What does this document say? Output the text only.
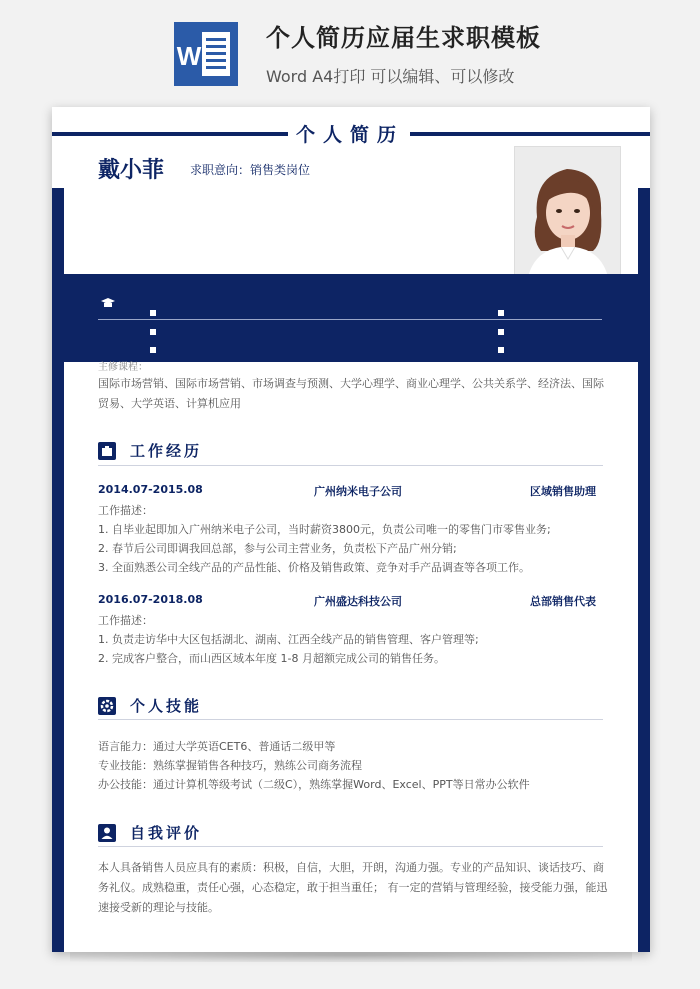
W
个人简历应届生求职模板
Word A4打印 可以编辑、可以修改
个人简历
戴小菲 求职意向：销售类岗位
主修课程：
国际市场营销、国际市场营销、市场调查与预测、大学心理学、商业心理学、公共关系学、经济法、国际贸易、大学英语、计算机应用
工作经历
2014.07-2015.08	广州纳米电子公司	区域销售助理
工作描述：
1. 自毕业起即加入广州纳米电子公司，当时薪资3800元，负责公司唯一的零售门市零售业务;
2. 春节后公司即调我回总部，参与公司主营业务，负责松下产品广州分销;
3. 全面熟悉公司全线产品的产品性能、价格及销售政策、竞争对手产品调查等各项工作。
2016.07-2018.08	广州盛达科技公司	总部销售代表
工作描述：
1. 负责走访华中大区包括湖北、湖南、江西全线产品的销售管理、客户管理等;
2. 完成客户整合，而山西区域本年度 1-8 月超额完成公司的销售任务。
个人技能
语言能力：通过大学英语CET6、普通话二级甲等
专业技能：熟练掌握销售各种技巧，熟练公司商务流程
办公技能：通过计算机等级考试（二级C），熟练掌握Word、Excel、PPT等日常办公软件
自我评价
本人具备销售人员应具有的素质：积极，自信，大胆，开朗，沟通力强。专业的产品知识、谈话技巧、商务礼仪。成熟稳重，责任心强，心态稳定，敢于担当重任； 有一定的营销与管理经验，接受能力强，能迅速接受新的理论与技能。
